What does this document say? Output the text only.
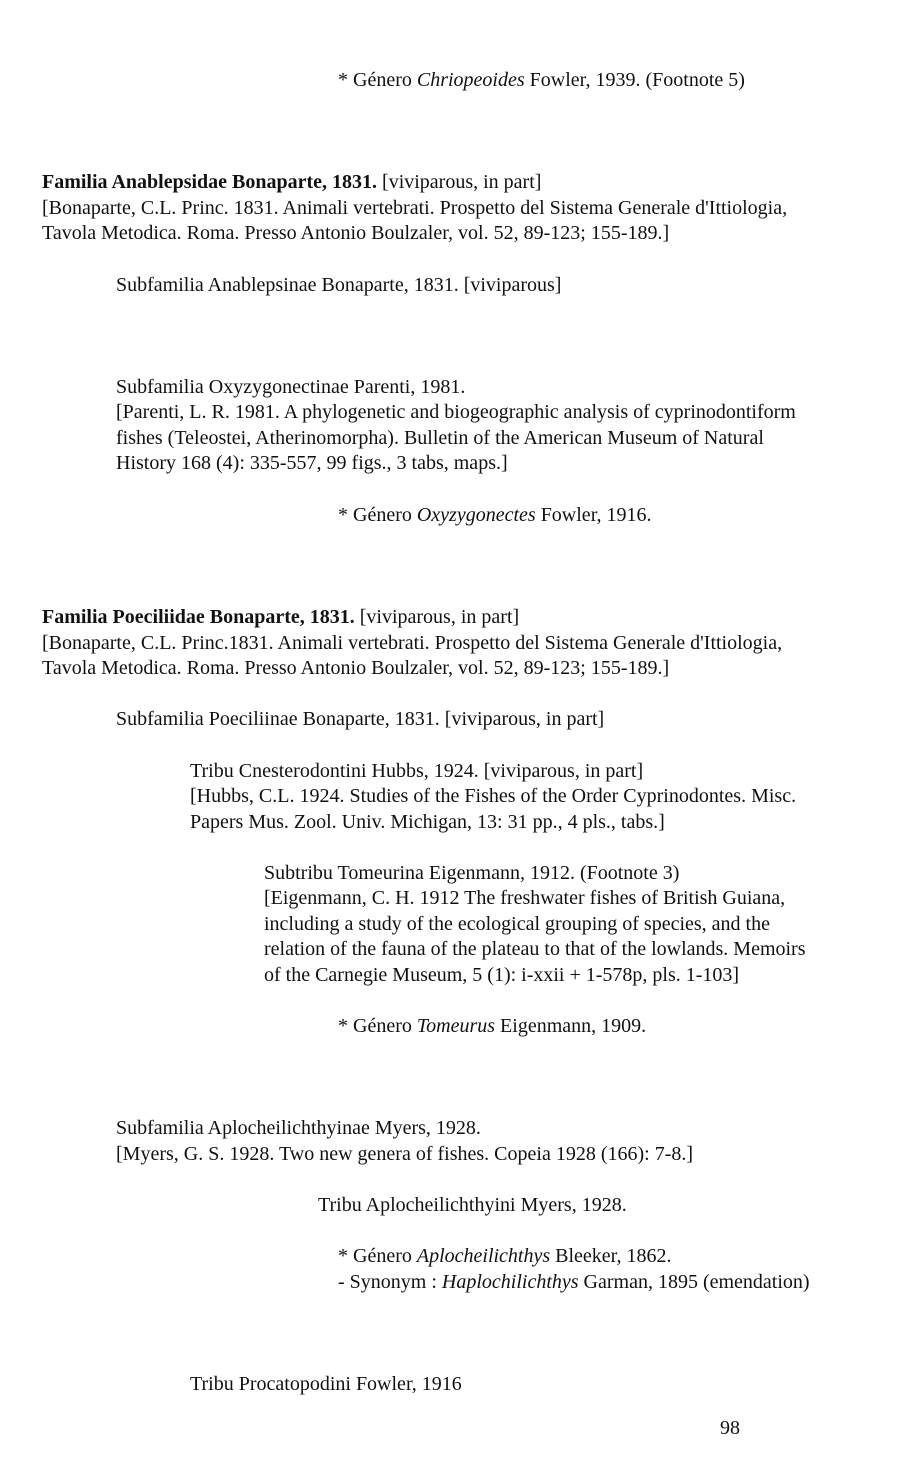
* Género Chriopeoides Fowler, 1939. (Footnote 5)
Familia Anablepsidae Bonaparte, 1831. [viviparous, in part]
[Bonaparte, C.L. Princ. 1831. Animali vertebrati. Prospetto del Sistema Generale d'Ittiologia,
Tavola Metodica. Roma. Presso Antonio Boulzaler, vol. 52, 89-123; 155-189.]
Subfamilia Anablepsinae Bonaparte, 1831. [viviparous]
Subfamilia Oxyzygonectinae Parenti, 1981.
[Parenti, L. R. 1981. A phylogenetic and biogeographic analysis of cyprinodontiform
fishes (Teleostei, Atherinomorpha). Bulletin of the American Museum of Natural
History 168 (4): 335-557, 99 figs., 3 tabs, maps.]
* Género Oxyzygonectes Fowler, 1916.
Familia Poeciliidae Bonaparte, 1831. [viviparous, in part]
[Bonaparte, C.L. Princ.1831. Animali vertebrati. Prospetto del Sistema Generale d'Ittiologia,
Tavola Metodica. Roma. Presso Antonio Boulzaler, vol. 52, 89-123; 155-189.]
Subfamilia Poeciliinae Bonaparte, 1831. [viviparous, in part]
Tribu Cnesterodontini Hubbs, 1924. [viviparous, in part]
[Hubbs, C.L. 1924. Studies of the Fishes of the Order Cyprinodontes. Misc.
Papers Mus. Zool. Univ. Michigan, 13: 31 pp., 4 pls., tabs.]
Subtribu Tomeurina Eigenmann, 1912. (Footnote 3)
[Eigenmann, C. H. 1912 The freshwater fishes of British Guiana,
including a study of the ecological grouping of species, and the
relation of the fauna of the plateau to that of the lowlands. Memoirs
of the Carnegie Museum, 5 (1): i-xxii + 1-578p, pls. 1-103]
* Género Tomeurus Eigenmann, 1909.
Subfamilia Aplocheilichthyinae Myers, 1928.
[Myers, G. S. 1928. Two new genera of fishes. Copeia 1928 (166): 7-8.]
Tribu Aplocheilichthyini Myers, 1928.
* Género Aplocheilichthys Bleeker, 1862.
- Synonym : Haplochilichthys Garman, 1895 (emendation)
Tribu Procatopodini Fowler, 1916
98
